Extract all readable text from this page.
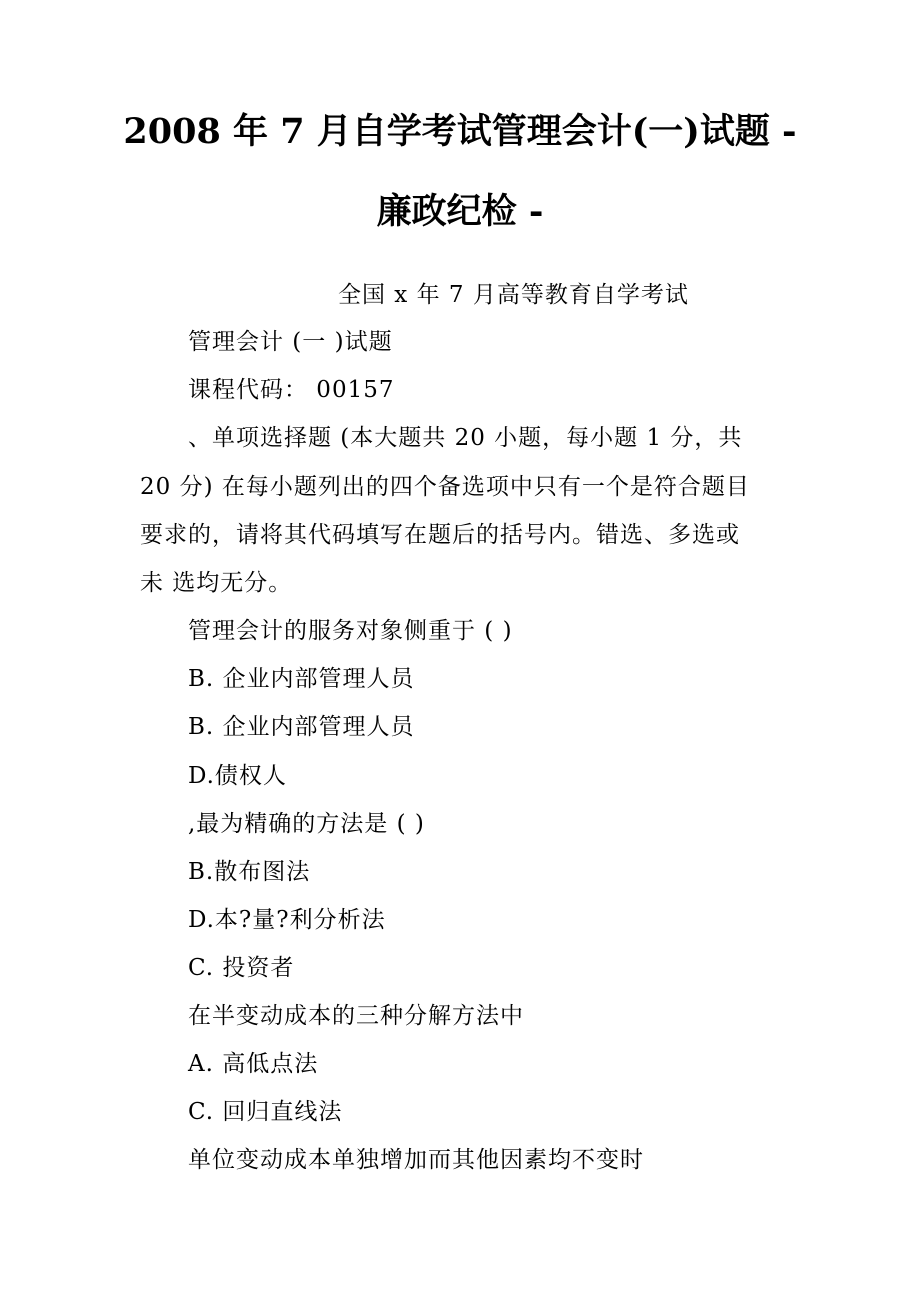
2008 年 7 月自学考试管理会计(一)试题 -
廉政纪检 -
全国 x 年 7 月高等教育自学考试
管理会计 (一 )试题
课程代码： 00157
、单项选择题 (本大题共 20 小题，每小题 1 分，共
20 分) 在每小题列出的四个备选项中只有一个是符合题目
要求的，请将其代码填写在题后的括号内。错选、多选或
未 选均无分。
管理会计的服务对象侧重于 ( )
B. 企业内部管理人员
B. 企业内部管理人员
D.债权人
,最为精确的方法是 ( )
B.散布图法
D.本?量?利分析法
C. 投资者
在半变动成本的三种分解方法中
A. 高低点法
C. 回归直线法
单位变动成本单独增加而其他因素均不变时
